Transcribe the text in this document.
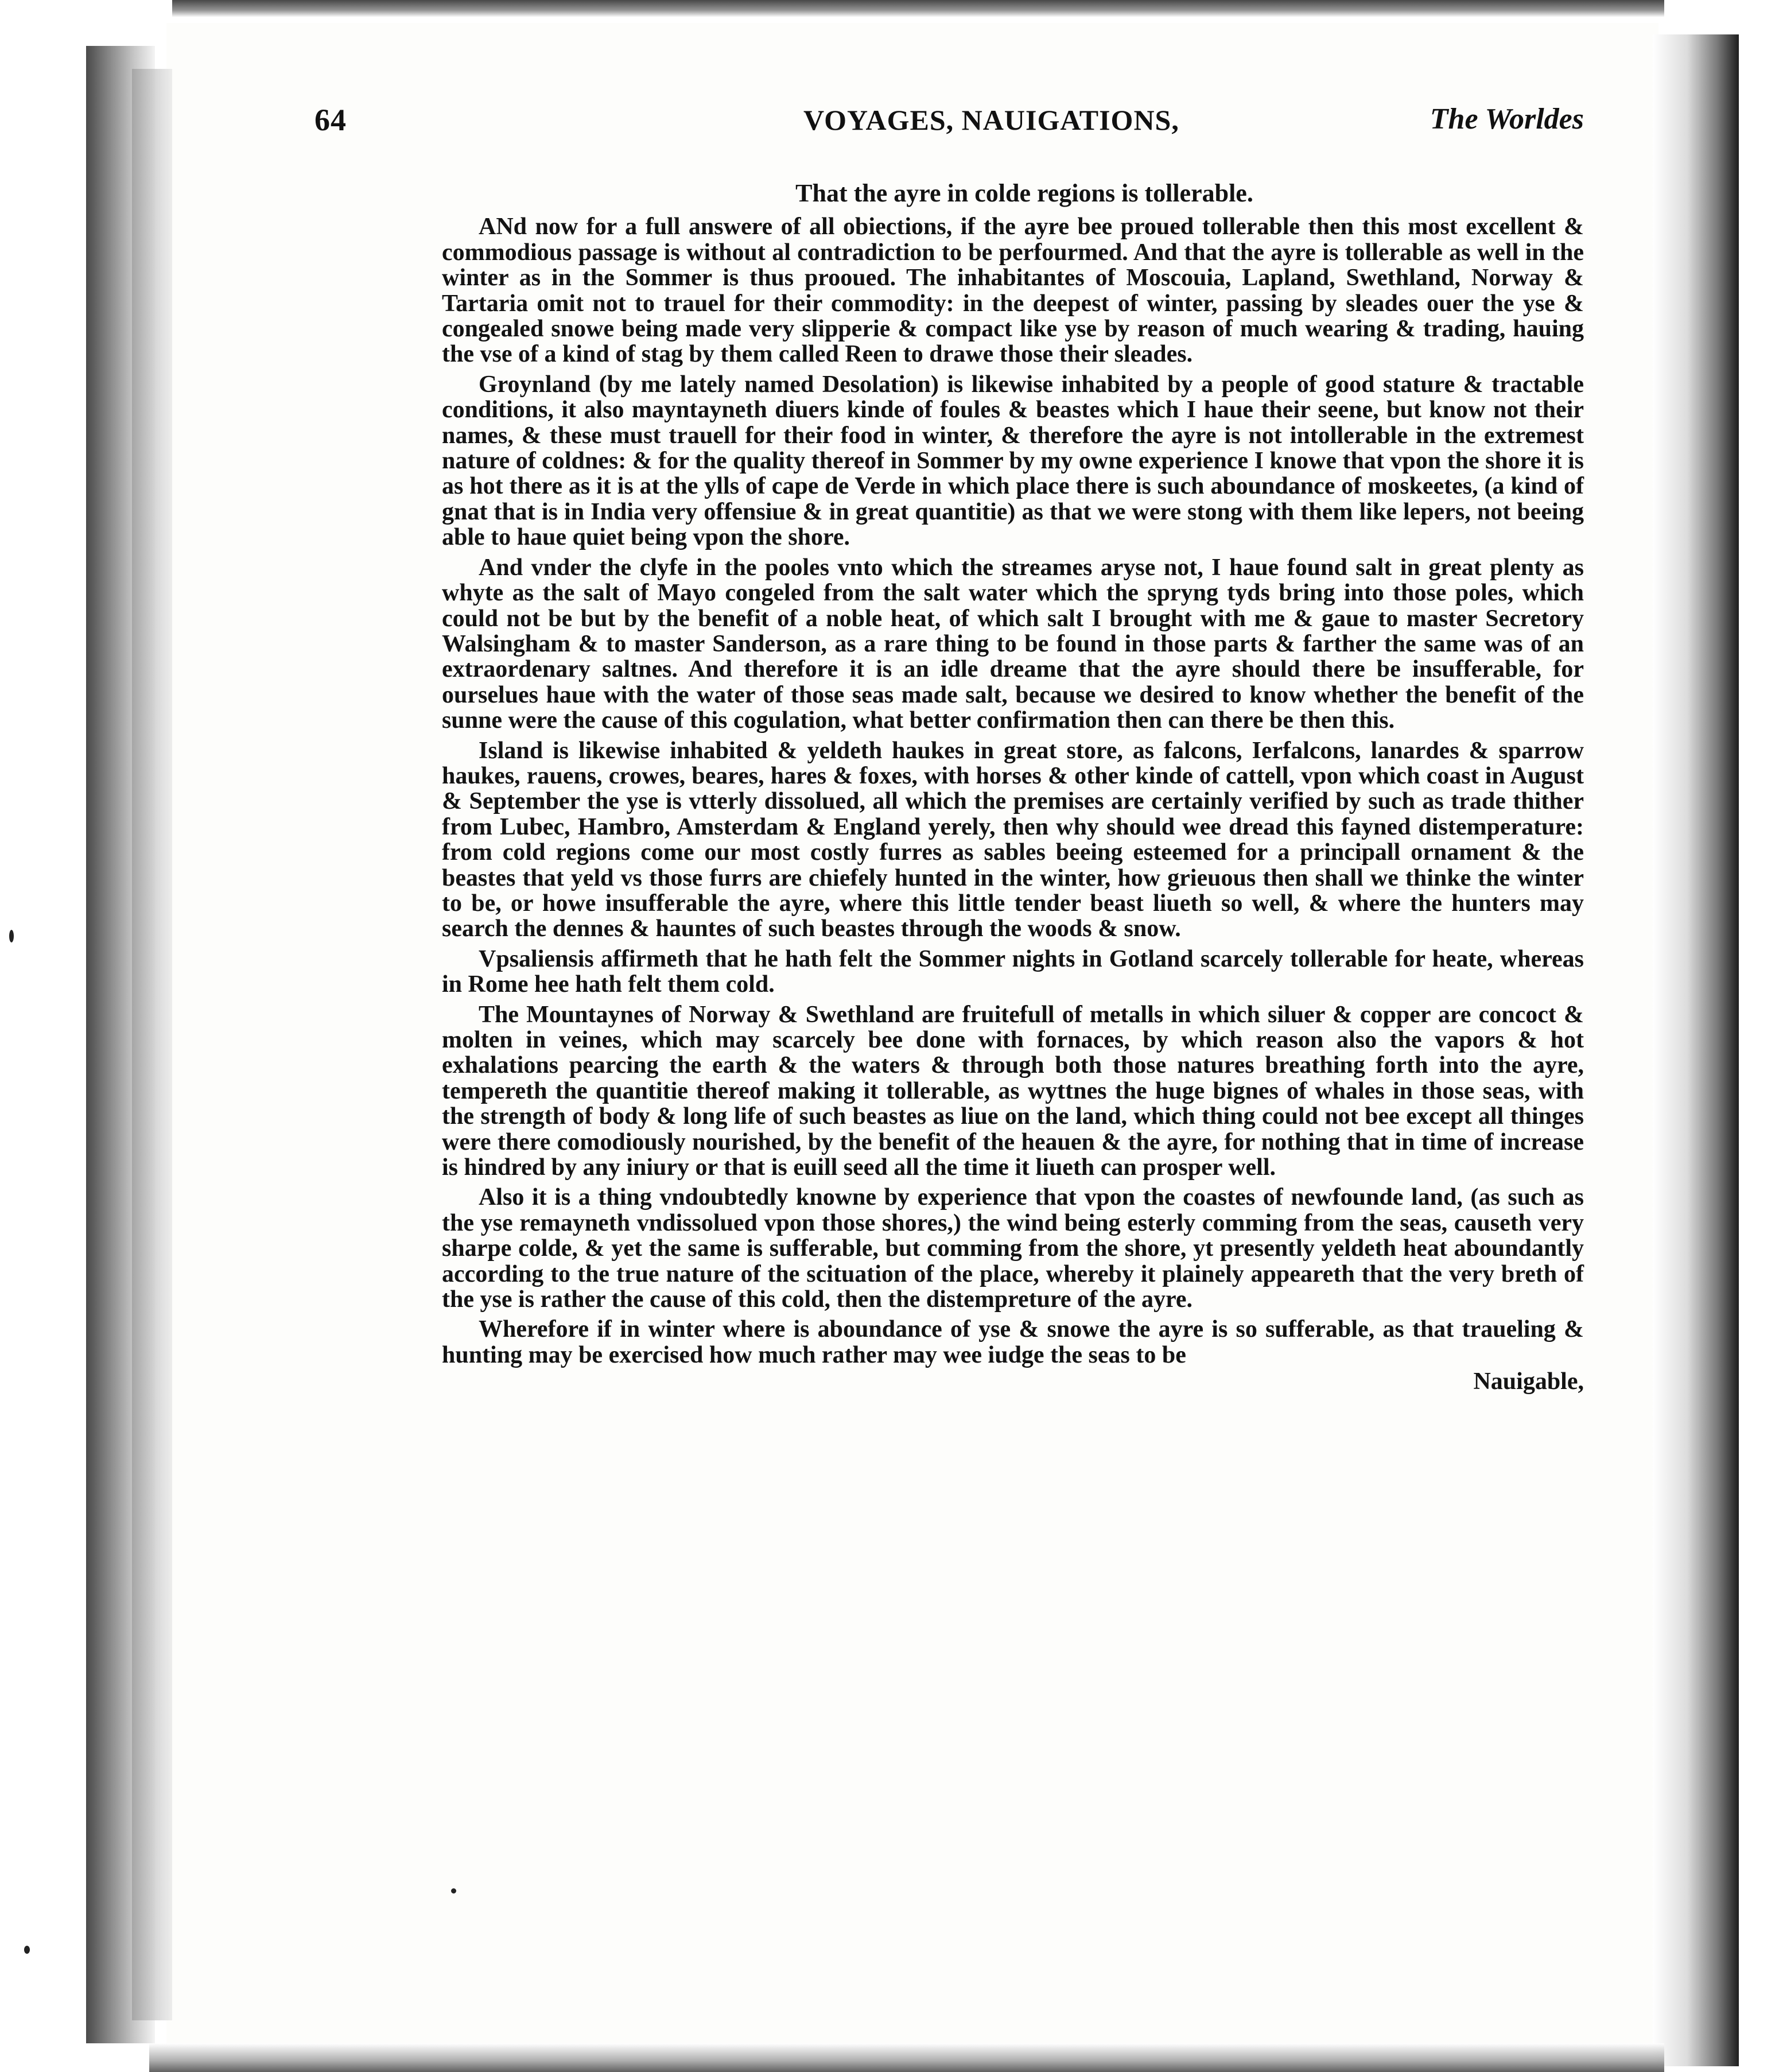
64	VOYAGES, NAUIGATIONS,	The Worldes
That the ayre in colde regions is tollerable.

ANd now for a full answere of all obiections, if the ayre bee proued tollerable then this most excellent & commodious passage is without al contradiction to be perfourmed. And that the ayre is tollerable as well in the winter as in the Sommer is thus prooued. The inhabitantes of Moscouia, Lapland, Swethland, Norway & Tartaria omit not to trauel for their commodity: in the deepest of winter, passing by sleades ouer the yse & congealed snowe being made very slipperie & compact like yse by reason of much wearing & trading, hauing the vse of a kind of stag by them called Reen to drawe those their sleades.

Groynland (by me lately named Desolation) is likewise inhabited by a people of good stature & tractable conditions, it also mayntayneth diuers kinde of foules & beastes which I haue their seene, but know not their names, & these must trauell for their food in winter, & therefore the ayre is not intollerable in the extremest nature of coldnes: & for the quality thereof in Sommer by my owne experience I knowe that vpon the shore it is as hot there as it is at the ylls of cape de Verde in which place there is such aboundance of moskeetes, (a kind of gnat that is in India very offensiue & in great quantitie) as that we were stong with them like lepers, not beeing able to haue quiet being vpon the shore.

And vnder the clyfe in the pooles vnto which the streames aryse not, I haue found salt in great plenty as whyte as the salt of Mayo congeled from the salt water which the spryng tyds bring into those poles, which could not be but by the benefit of a noble heat, of which salt I brought with me & gaue to master Secretory Walsingham & to master Sanderson, as a rare thing to be found in those parts & farther the same was of an extraordenary saltnes. And therefore it is an idle dreame that the ayre should there be insufferable, for ourselues haue with the water of those seas made salt, because we desired to know whether the benefit of the sunne were the cause of this cogulation, what better confirmation then can there be then this.

Island is likewise inhabited & yeldeth haukes in great store, as falcons, Ierfalcons, lanardes & sparrow haukes, rauens, crowes, beares, hares & foxes, with horses & other kinde of cattell, vpon which coast in August & September the yse is vtterly dissolued, all which the premises are certainly verified by such as trade thither from Lubec, Hambro, Amsterdam & England yerely, then why should wee dread this fayned distemperature: from cold regions come our most costly furres as sables beeing esteemed for a principall ornament & the beastes that yeld vs those furrs are chiefely hunted in the winter, how grieuous then shall we thinke the winter to be, or howe insufferable the ayre, where this little tender beast liueth so well, & where the hunters may search the dennes & hauntes of such beastes through the woods & snow.

Vpsaliensis affirmeth that he hath felt the Sommer nights in Gotland scarcely tollerable for heate, whereas in Rome hee hath felt them cold.

The Mountaynes of Norway & Swethland are fruitefull of metalls in which siluer & copper are concoct & molten in veines, which may scarcely bee done with fornaces, by which reason also the vapors & hot exhalations pearcing the earth & the waters & through both those natures breathing forth into the ayre, tempereth the quantitie thereof making it tollerable, as wyttnes the huge bignes of whales in those seas, with the strength of body & long life of such beastes as liue on the land, which thing could not bee except all thinges were there comodiously nourished, by the benefit of the heauen & the ayre, for nothing that in time of increase is hindred by any iniury or that is euill seed all the time it liueth can prosper well.

Also it is a thing vndoubtedly knowne by experience that vpon the coastes of newfounde land, (as such as the yse remayneth vndissolued vpon those shores,) the wind being esterly comming from the seas, causeth very sharpe colde, & yet the same is sufferable, but comming from the shore, yt presently yeldeth heat aboundantly according to the true nature of the scituation of the place, whereby it plainely appeareth that the very breth of the yse is rather the cause of this cold, then the distempreture of the ayre.

Wherefore if in winter where is aboundance of yse & snowe the ayre is so sufferable, as that traueling & hunting may be exercised how much rather may wee iudge the seas to be

Nauigable,
